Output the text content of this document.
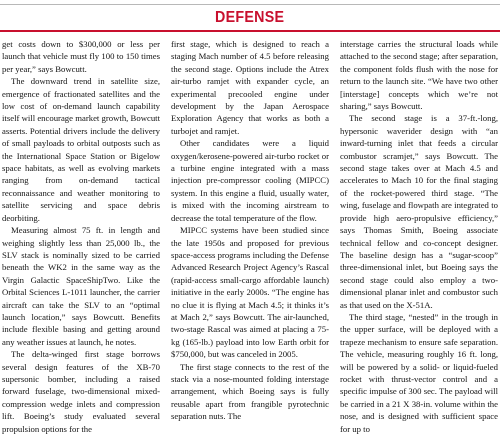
DEFENSE

get costs down to $300,000 or less per launch that vehicle must fly 100 to 150 times per year,” says Bowcutt.

The downward trend in satellite size, emergence of fractionated satellites and the low cost of on-demand launch capability itself will encourage market growth, Bowcutt asserts. Potential drivers include the delivery of small payloads to orbital outposts such as the International Space Station or Bigelow space habitats, as well as evolving markets ranging from on-demand tactical reconnaissance and weather monitoring to satellite servicing and space debris deorbiting.

Measuring almost 75 ft. in length and weighing slightly less than 25,000 lb., the SLV stack is nominally sized to be carried beneath the WK2 in the same way as the Virgin Galactic SpaceShipTwo. Like the Orbital Sciences L-1011 launcher, the carrier aircraft can take the SLV to an “optimal launch location,” says Bowcutt. Benefits include flexible basing and getting around any weather issues at launch, he notes.

The delta-winged first stage borrows several design features of the XB-70 supersonic bomber, including a raised forward fuselage, two-dimensional mixed-compression wedge inlets and compression lift. Boeing’s study evaluated several propulsion options for the

first stage, which is designed to reach a staging Mach number of 4.5 before releasing the second stage. Options include the Atrex air-turbo ramjet with expander cycle, an experimental precooled engine under development by the Japan Aerospace Exploration Agency that works as both a turbojet and ramjet.

Other candidates were a liquid oxygen/kerosene-powered air-turbo rocket or a turbine engine integrated with a mass injection pre-compressor cooling (MIPCC) system. In this engine a fluid, usually water, is mixed with the incoming airstream to decrease the total temperature of the flow.

MIPCC systems have been studied since the late 1950s and proposed for previous space-access programs including the Defense Advanced Research Project Agency’s Rascal (rapid-access small-cargo affordable launch) initiative in the early 2000s. “The engine has no clue it is flying at Mach 4.5; it thinks it’s at Mach 2,” says Bowcutt. The air-launched, two-stage Rascal was aimed at placing a 75-kg (165-lb.) payload into low Earth orbit for $750,000, but was canceled in 2005.

The first stage connects to the rest of the stack via a nose-mounted folding interstage arrangement, which Boeing says is fully reusable apart from frangible pyrotechnic separation nuts. The

interstage carries the structural loads while attached to the second stage; after separation, the component folds flush with the nose for return to the launch site. “We have two other [interstage] concepts which we’re not sharing,” says Bowcutt.

The second stage is a 37-ft.-long, hypersonic waverider design with “an inward-turning inlet that feeds a circular combustor scramjet,” says Bowcutt. The second stage takes over at Mach 4.5 and accelerates to Mach 10 for the final staging of the rocket-powered third stage. “The wing, fuselage and flowpath are integrated to provide high aero-propulsive efficiency,” says Thomas Smith, Boeing associate technical fellow and co-concept designer. The baseline design has a “sugar-scoop” three-dimensional inlet, but Boeing says the second stage could also employ a two-dimensional planar inlet and combustor such as that used on the X-51A.

The third stage, “nested” in the trough in the upper surface, will be deployed with a trapeze mechanism to ensure safe separation. The vehicle, measuring roughly 16 ft. long, will be powered by a solid- or liquid-fueled rocket with thrust-vector control and a specific impulse of 300 sec. The payload will be carried in a 21 X 38-in. volume within the nose, and is designed with sufficient space for up to
